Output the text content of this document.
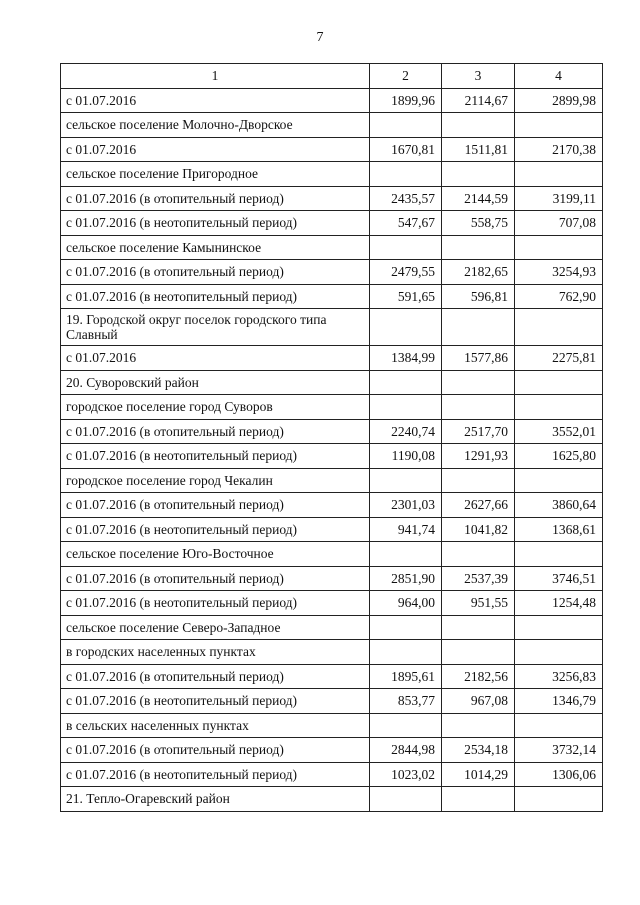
7
1	2	3	4
с 01.07.2016	1899,96	2114,67	2899,98
сельское поселение Молочно-Дворское			
с 01.07.2016	1670,81	1511,81	2170,38
сельское поселение Пригородное			
с 01.07.2016 (в отопительный период)	2435,57	2144,59	3199,11
с 01.07.2016 (в неотопительный период)	547,67	558,75	707,08
сельское поселение Камынинское			
с 01.07.2016 (в отопительный период)	2479,55	2182,65	3254,93
с 01.07.2016 (в неотопительный период)	591,65	596,81	762,90
19. Городской округ поселок городского типа Славный			
с 01.07.2016	1384,99	1577,86	2275,81
20. Суворовский район			
городское поселение город Суворов			
с 01.07.2016 (в отопительный период)	2240,74	2517,70	3552,01
с 01.07.2016 (в неотопительный период)	1190,08	1291,93	1625,80
городское поселение город Чекалин			
с 01.07.2016 (в отопительный период)	2301,03	2627,66	3860,64
с 01.07.2016 (в неотопительный период)	941,74	1041,82	1368,61
сельское поселение Юго-Восточное			
с 01.07.2016 (в отопительный период)	2851,90	2537,39	3746,51
с 01.07.2016 (в неотопительный период)	964,00	951,55	1254,48
сельское поселение Северо-Западное			
в городских населенных пунктах			
с 01.07.2016 (в отопительный период)	1895,61	2182,56	3256,83
с 01.07.2016 (в неотопительный период)	853,77	967,08	1346,79
в сельских населенных пунктах			
с 01.07.2016 (в отопительный период)	2844,98	2534,18	3732,14
с 01.07.2016 (в неотопительный период)	1023,02	1014,29	1306,06
21. Тепло-Огаревский район			
